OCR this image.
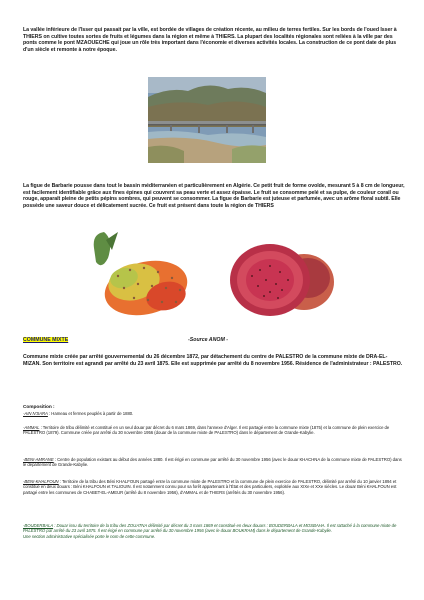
La vallée inférieure de l'Isser qui passait par la ville, est bordée de villages de création récente, au milieu de terres fertiles. Sur les bords de l'oued Isser à THIERS on cultive toutes sortes de fruits et légumes dans la région et même à THIERS. La plupart des localités régionales sont reliées à la ville par des ponts comme le pont MZAOUECHE qui joue un rôle très important dans l'économie et diverses activités locales. La construction de ce pont date de plus d'un siècle et remonte à notre époque.

La figue de Barbarie pousse dans tout le bassin méditerranéen et particulièrement en Algérie. Ce petit fruit de forme ovoïde, mesurant 5 à 8 cm de longueur, est facilement identifiable grâce aux fines épines qui couvrent sa peau verte et assez épaisse. Le fruit se consomme pelé et sa pulpe, de couleur corail ou rouge, apparaît pleine de petits pépins sombres, qui peuvent se consommer. La figue de Barbarie est juteuse et parfumée, avec un arôme floral subtil. Elle possède une saveur douce et délicatement sucrée. Ce fruit est présent dans toute la région de THIERS

COMMUNE MIXTE	-Source ANOM -

Commune mixte créée par arrêté gouvernemental du 26 décembre 1872, par détachement du centre de PALESTRO de la commune mixte de DRA-EL-MIZAN. Son territoire est agrandi par arrêté du 23 avril 1875. Elle est supprimée par arrêté du 8 novembre 1956. Résidence de l'administrateur : PALESTRO.

Composition :

-AIN N'SARA : Hameau et fermes peuplés à partir de 1880.

-AMMAL : Territoire de tribu délimité et constitué en un seul douar par décret du 6 mars 1869, dans l'annexe d'Alger. Il est partagé entre la commune mixte (1875) et la commune de plein exercice de PALESTRO (1879). Commune créée par arrêté du 30 novembre 1956 (douar de la commune mixte de PALESTRO) dans le département de Grande-Kabylie.

-BENI-AMRANE : Centre de population existant au début des années 1880. Il est érigé en commune par arrêté du 30 novembre 1956 (avec le douar KHACHNA de la commune mixte de PALESTRO) dans le département de Grande-Kabylie.

-BENI-KHALFOUN : Territoire de la tribu des Béni KHALFOUN partagé entre la commune mixte de PALESTRO et la commune de plein exercice de PALESTRO, délimité par arrêté du 10 janvier 1894 et constitué en deux douars : Béni KHALFOUN et TALIOUIN. Il est notamment connu pour sa forêt appartenant à l'État et des particuliers, exploitée aux XIXe et XXe siècles. Le douar Béni KHALFOUN est partagé entre les communes de CHABET-EL-AMEUR (arrêté du 8 novembre 1956), d'AMMAL et de THIERS (arrêtés du 30 novembre 1956).

-BOUDERBALA : Douar issu du territoire de la tribu des ZOUATNA délimité par décret du 3 mars 1869 et constitué en deux douars : BOUDERBALA et MOSBAHA. Il est rattaché à la commune mixte de PALESTRO par arrêté du 23 avril 1875. Il est érigé en commune par arrêté du 30 novembre 1956 (avec le douar BOUKRAM) dans le département de Grande-Kabylie.
Une section administrative spécialisée porte le nom de cette commune.
